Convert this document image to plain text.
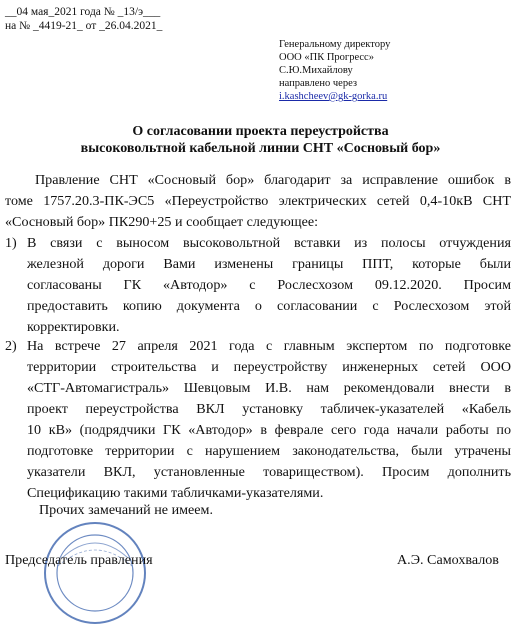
__04 мая_2021 года № _13/э___
на № _4419-21_ от _26.04.2021_
Генеральному директору
ООО «ПК Прогресс»
С.Ю.Михайлову
направлено через
i.kashcheev@gk-gorka.ru
О согласовании проекта переустройства
высоковольтной кабельной линии СНТ «Сосновый бор»
Правление СНТ «Сосновый бор» благодарит за исправление ошибок в
томе 1757.20.3-ПК-ЭС5 «Переустройство электрических сетей 0,4-10кВ СНТ
«Сосновый бор» ПК290+25 и сообщает следующее:
1) В связи с выносом высоковольтной вставки из полосы отчуждения
железной дороги Вами изменены границы ППТ, которые были
согласованы ГК «Автодор» с Рослесхозом 09.12.2020. Просим
предоставить копию документа о согласовании с Рослесхозом этой
корректировки.
2) На встрече 27 апреля 2021 года с главным экспертом по подготовке
территории строительства и переустройству инженерных сетей ООО
«СТГ-Автомагистраль» Шевцовым И.В. нам рекомендовали внести в
проект переустройства ВКЛ установку табличек-указателей «Кабель
10 кВ» (подрядчики ГК «Автодор» в феврале сего года начали работы по
подготовке территории с нарушением законодательства, были утрачены
указатели ВКЛ, установленные товариществом). Просим дополнить
Спецификацию такими табличками-указателями.
Прочих замечаний не имеем.
Председатель правления	А.Э. Самохвалов
